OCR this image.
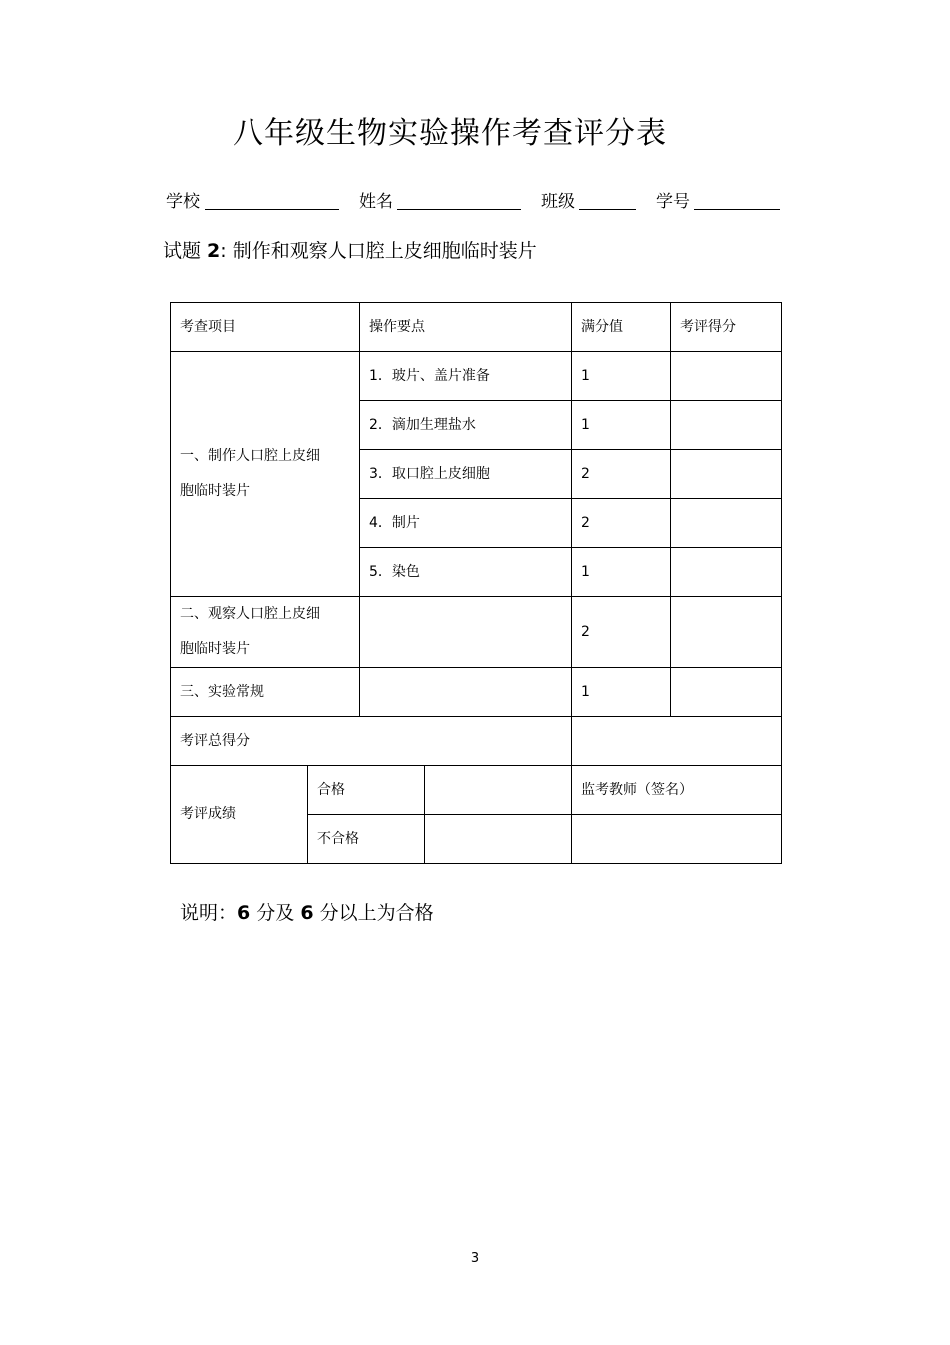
八年级生物实验操作考查评分表
学校	姓名	班级	学号
试题 2: 制作和观察人口腔上皮细胞临时装片
考查项目		操作要点		满分值	考评得分

一、制作人口腔上皮细胞临时装片		1．玻片、盖片准备		1	
		2．滴加生理盐水		1	
		3．取口腔上皮细胞		2	
		4．制片		2	
		5．染色		1	

二、观察人口腔上皮细胞临时装片				2	
三、实验常规				1	
考评总得分					
考评成绩	合格			监考教师（签名）	
	不合格				
说明：6 分及 6 分以上为合格
3
